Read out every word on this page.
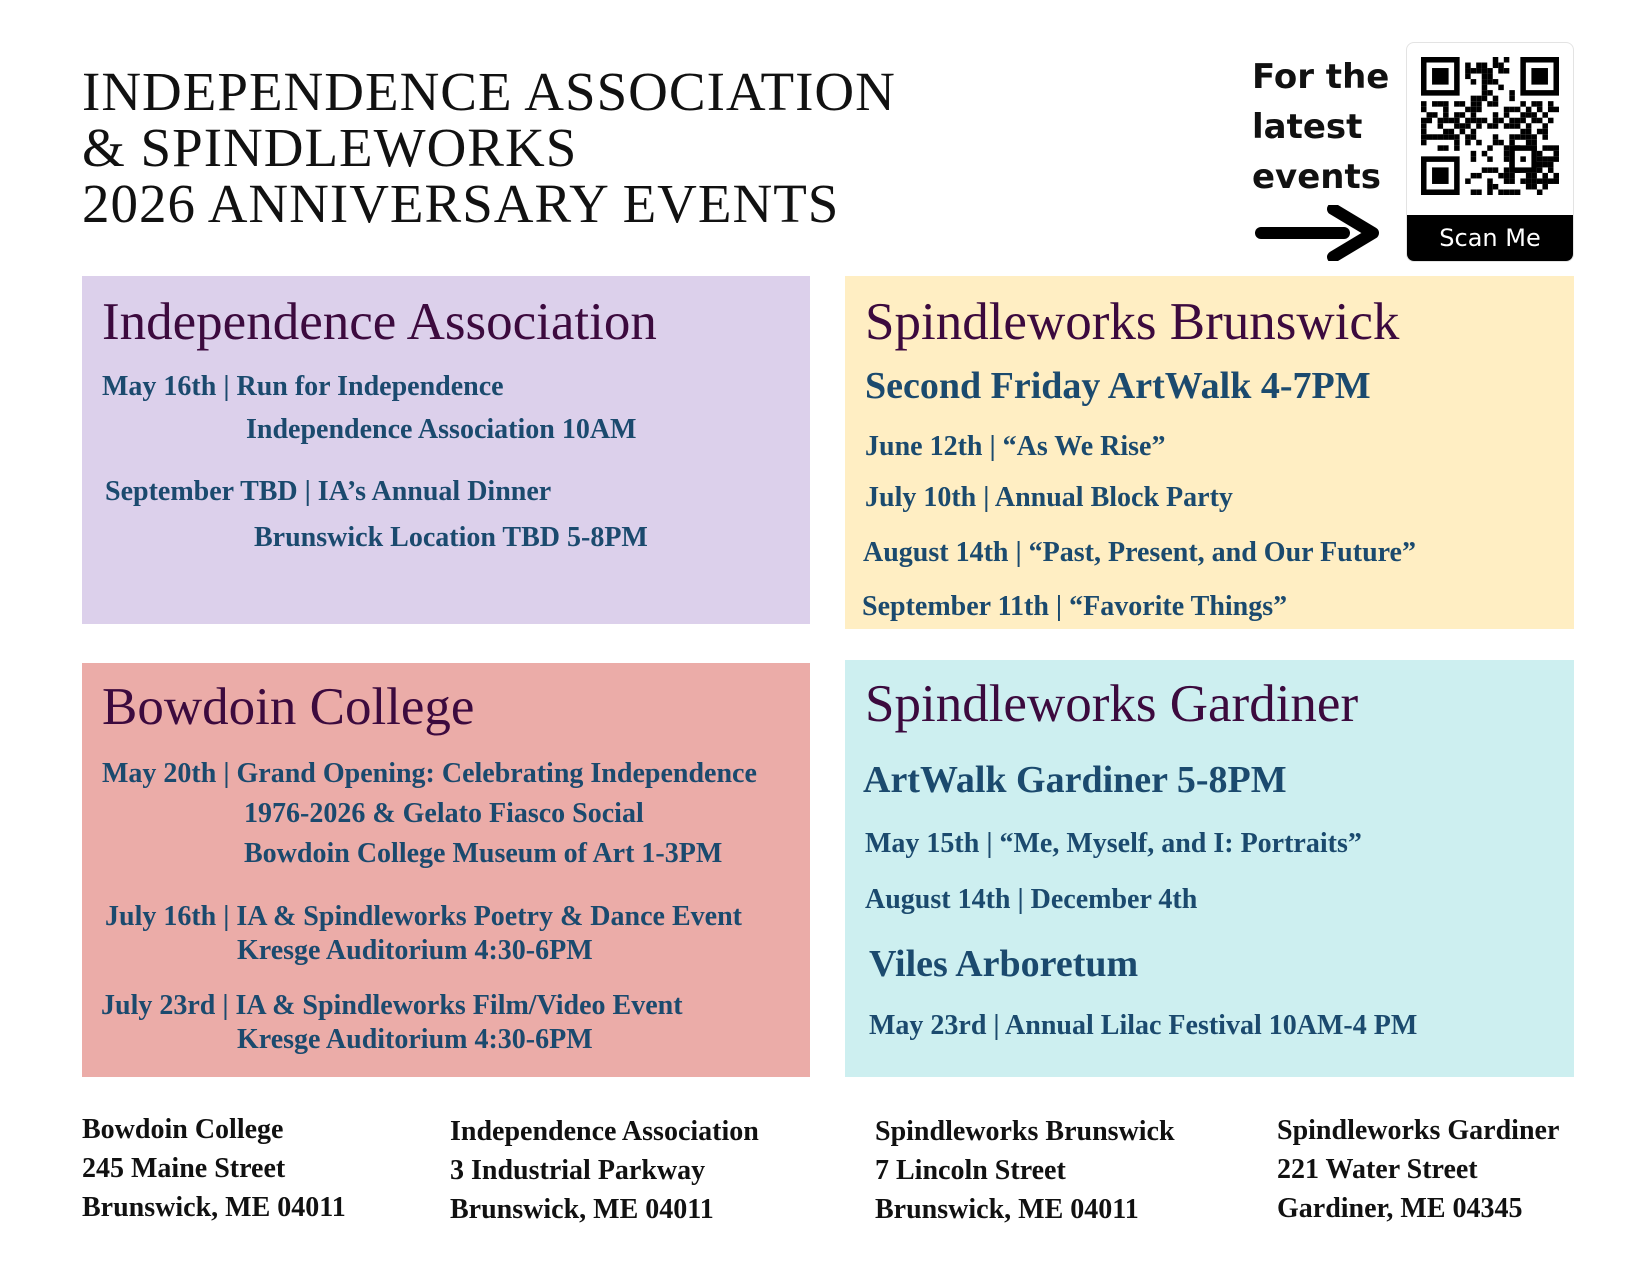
INDEPENDENCE ASSOCIATION
& SPINDLEWORKS
2026 ANNIVERSARY EVENTS
For the
latest
events
Scan Me
Independence Association

May 16th | Run for Independence

Independence Association 10AM

September TBD | IA’s Annual Dinner

Brunswick Location TBD 5-8PM

Spindleworks Brunswick

Second Friday ArtWalk 4-7PM

June 12th | “As We Rise”

July 10th | Annual Block Party

August 14th | “Past, Present, and Our Future”

September 11th | “Favorite Things”

Bowdoin College

May 20th | Grand Opening: Celebrating Independence

1976-2026 & Gelato Fiasco Social

Bowdoin College Museum of Art 1-3PM

July 16th | IA & Spindleworks Poetry & Dance Event

Kresge Auditorium 4:30-6PM

July 23rd | IA & Spindleworks Film/Video Event

Kresge Auditorium 4:30-6PM

Spindleworks Gardiner

ArtWalk Gardiner 5-8PM

May 15th | “Me, Myself, and I: Portraits”

August 14th | December 4th

Viles Arboretum

May 23rd | Annual Lilac Festival 10AM-4 PM

Bowdoin College
245 Maine Street
Brunswick, ME 04011
Independence Association
3 Industrial Parkway
Brunswick, ME 04011
Spindleworks Brunswick
7 Lincoln Street
Brunswick, ME 04011
Spindleworks Gardiner
221 Water Street
Gardiner, ME 04345
